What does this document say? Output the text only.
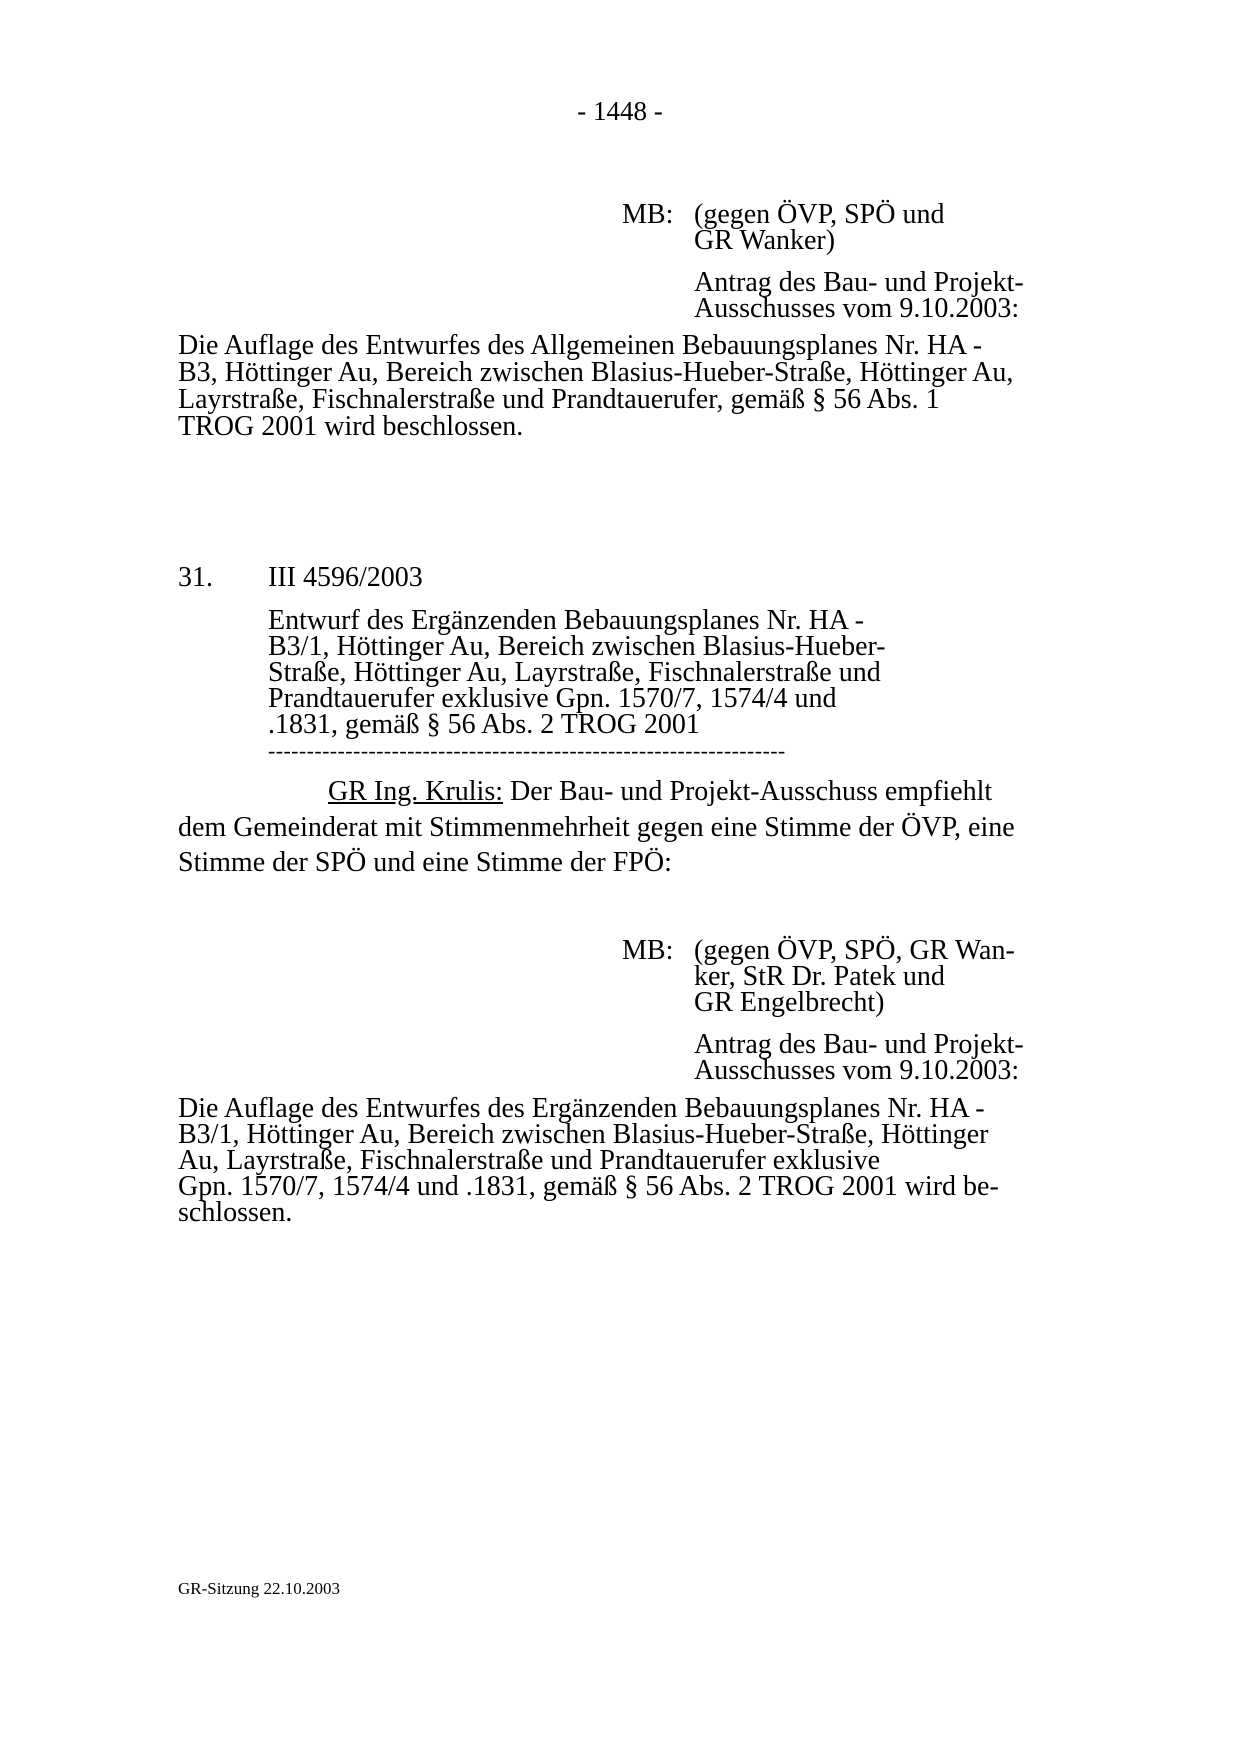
- 1448 -
MB: (gegen ÖVP, SPÖ und
GR Wanker)
Antrag des Bau- und Projekt-
Ausschusses vom 9.10.2003:
Die Auflage des Entwurfes des Allgemeinen Bebauungsplanes Nr. HA -
B3, Höttinger Au, Bereich zwischen Blasius-Hueber-Straße, Höttinger Au,
Layrstraße, Fischnalerstraße und Prandtauerufer, gemäß § 56 Abs. 1
TROG 2001 wird beschlossen.
31. III 4596/2003
Entwurf des Ergänzenden Bebauungsplanes Nr. HA -
B3/1, Höttinger Au, Bereich zwischen Blasius-Hueber-
Straße, Höttinger Au, Layrstraße, Fischnalerstraße und
Prandtauerufer exklusive Gpn. 1570/7, 1574/4 und
.1831, gemäß § 56 Abs. 2 TROG 2001
-------------------------------------------------------------------
GR Ing. Krulis: Der Bau- und Projekt-Ausschuss empfiehlt
dem Gemeinderat mit Stimmenmehrheit gegen eine Stimme der ÖVP, eine
Stimme der SPÖ und eine Stimme der FPÖ:
MB: (gegen ÖVP, SPÖ, GR Wan-
ker, StR Dr. Patek und
GR Engelbrecht)
Antrag des Bau- und Projekt-
Ausschusses vom 9.10.2003:
Die Auflage des Entwurfes des Ergänzenden Bebauungsplanes Nr. HA -
B3/1, Höttinger Au, Bereich zwischen Blasius-Hueber-Straße, Höttinger
Au, Layrstraße, Fischnalerstraße und Prandtauerufer exklusive
Gpn. 1570/7, 1574/4 und .1831, gemäß § 56 Abs. 2 TROG 2001 wird be-
schlossen.
GR-Sitzung 22.10.2003
